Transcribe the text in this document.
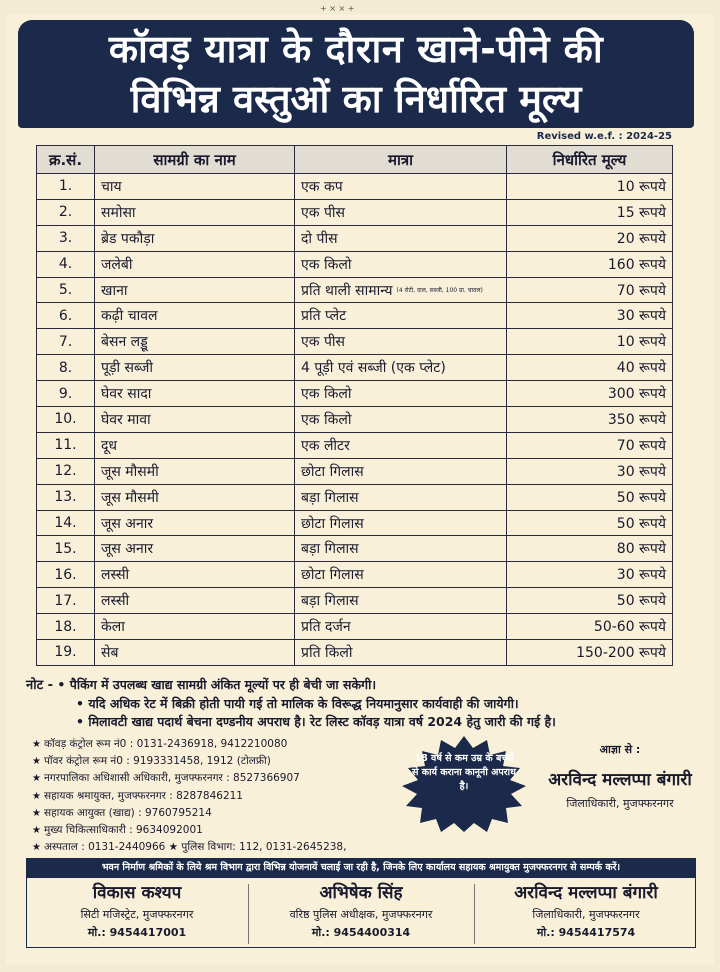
+ × × +
कॉवड़ यात्रा के दौरान खाने-पीने की
विभिन्न वस्तुओं का निर्धारित मूल्य
Revised w.e.f. : 2024-25
क्र.सं.	सामग्री का नाम	मात्रा	निर्धारित मूल्य
1.	चाय	एक कप	10 रूपये
2.	समोसा	एक पीस	15 रूपये
3.	ब्रेड पकौड़ा	दो पीस	20 रूपये
4.	जलेबी	एक किलो	160 रूपये
5.	खाना	प्रति थाली सामान्य (4 रोटी, दाल, सब्जी, 100 ग्रा. चावल)	70 रूपये
6.	कढ़ी चावल	प्रति प्लेट	30 रूपये
7.	बेसन लड्डू	एक पीस	10 रूपये
8.	पूड़ी सब्जी	4 पूड़ी एवं सब्जी (एक प्लेट)	40 रूपये
9.	घेवर सादा	एक किलो	300 रूपये
10.	घेवर मावा	एक किलो	350 रूपये
11.	दूध	एक लीटर	70 रूपये
12.	जूस मौसमी	छोटा गिलास	30 रूपये
13.	जूस मौसमी	बड़ा गिलास	50 रूपये
14.	जूस अनार	छोटा गिलास	50 रूपये
15.	जूस अनार	बड़ा गिलास	80 रूपये
16.	लस्सी	छोटा गिलास	30 रूपये
17.	लस्सी	बड़ा गिलास	50 रूपये
18.	केला	प्रति दर्जन	50-60 रूपये
19.	सेब	प्रति किलो	150-200 रूपये
नोट - • पैकिंग में उपलब्ध खाद्य सामग्री अंकित मूल्यों पर ही बेची जा सकेगी।
• यदि अधिक रेट में बिक्री होती पायी गई तो मालिक के विरूद्ध नियमानुसार कार्यवाही की जायेगी।
• मिलावटी खाद्य पदार्थ बेचना दण्डनीय अपराध है। रेट लिस्ट कॉवड़ यात्रा वर्ष 2024 हेतु जारी की गई है।
★ कॉवड़ कंट्रोल रूम नं0 : 0131-2436918, 9412210080
★ पॉवर कंट्रोल रूम नं0 : 9193331458, 1912 (टोलफ्री)
★ नगरपालिका अधिशासी अधिकारी, मुजफ्फरनगर : 8527366907
★ सहायक श्रमायुक्त, मुजफ्फरनगर : 8287846211
★ सहायक आयुक्त (खाद्य) : 9760795214
★ मुख्य चिकित्साधिकारी : 9634092001
★ अस्पताल : 0131-2440966 ★ पुलिस विभाग: 112, 0131-2645238,
18 वर्ष से कम उम्र के बच्चों से कार्य कराना कानूनी अपराध है।
आज्ञा से :
अरविन्द मल्लप्पा बंगारी
जिलाधिकारी, मुजफ्फरनगर
भवन निर्माण श्रमिकों के लिये श्रम विभाग द्वारा विभिन्न योजनायें चलाई जा रही है, जिनके लिए कार्यालय सहायक श्रमायुक्त मुजफ्फरनगर से सम्पर्क करें।
विकास कश्यप
सिटी मजिस्ट्रेट, मुजफ्फरनगर
मो.: 9454417001
अभिषेक सिंह
वरिष्ठ पुलिस अधीक्षक, मुजफ्फरनगर
मो.: 9454400314
अरविन्द मल्लप्पा बंगारी
जिलाधिकारी, मुजफ्फरनगर
मो.: 9454417574
